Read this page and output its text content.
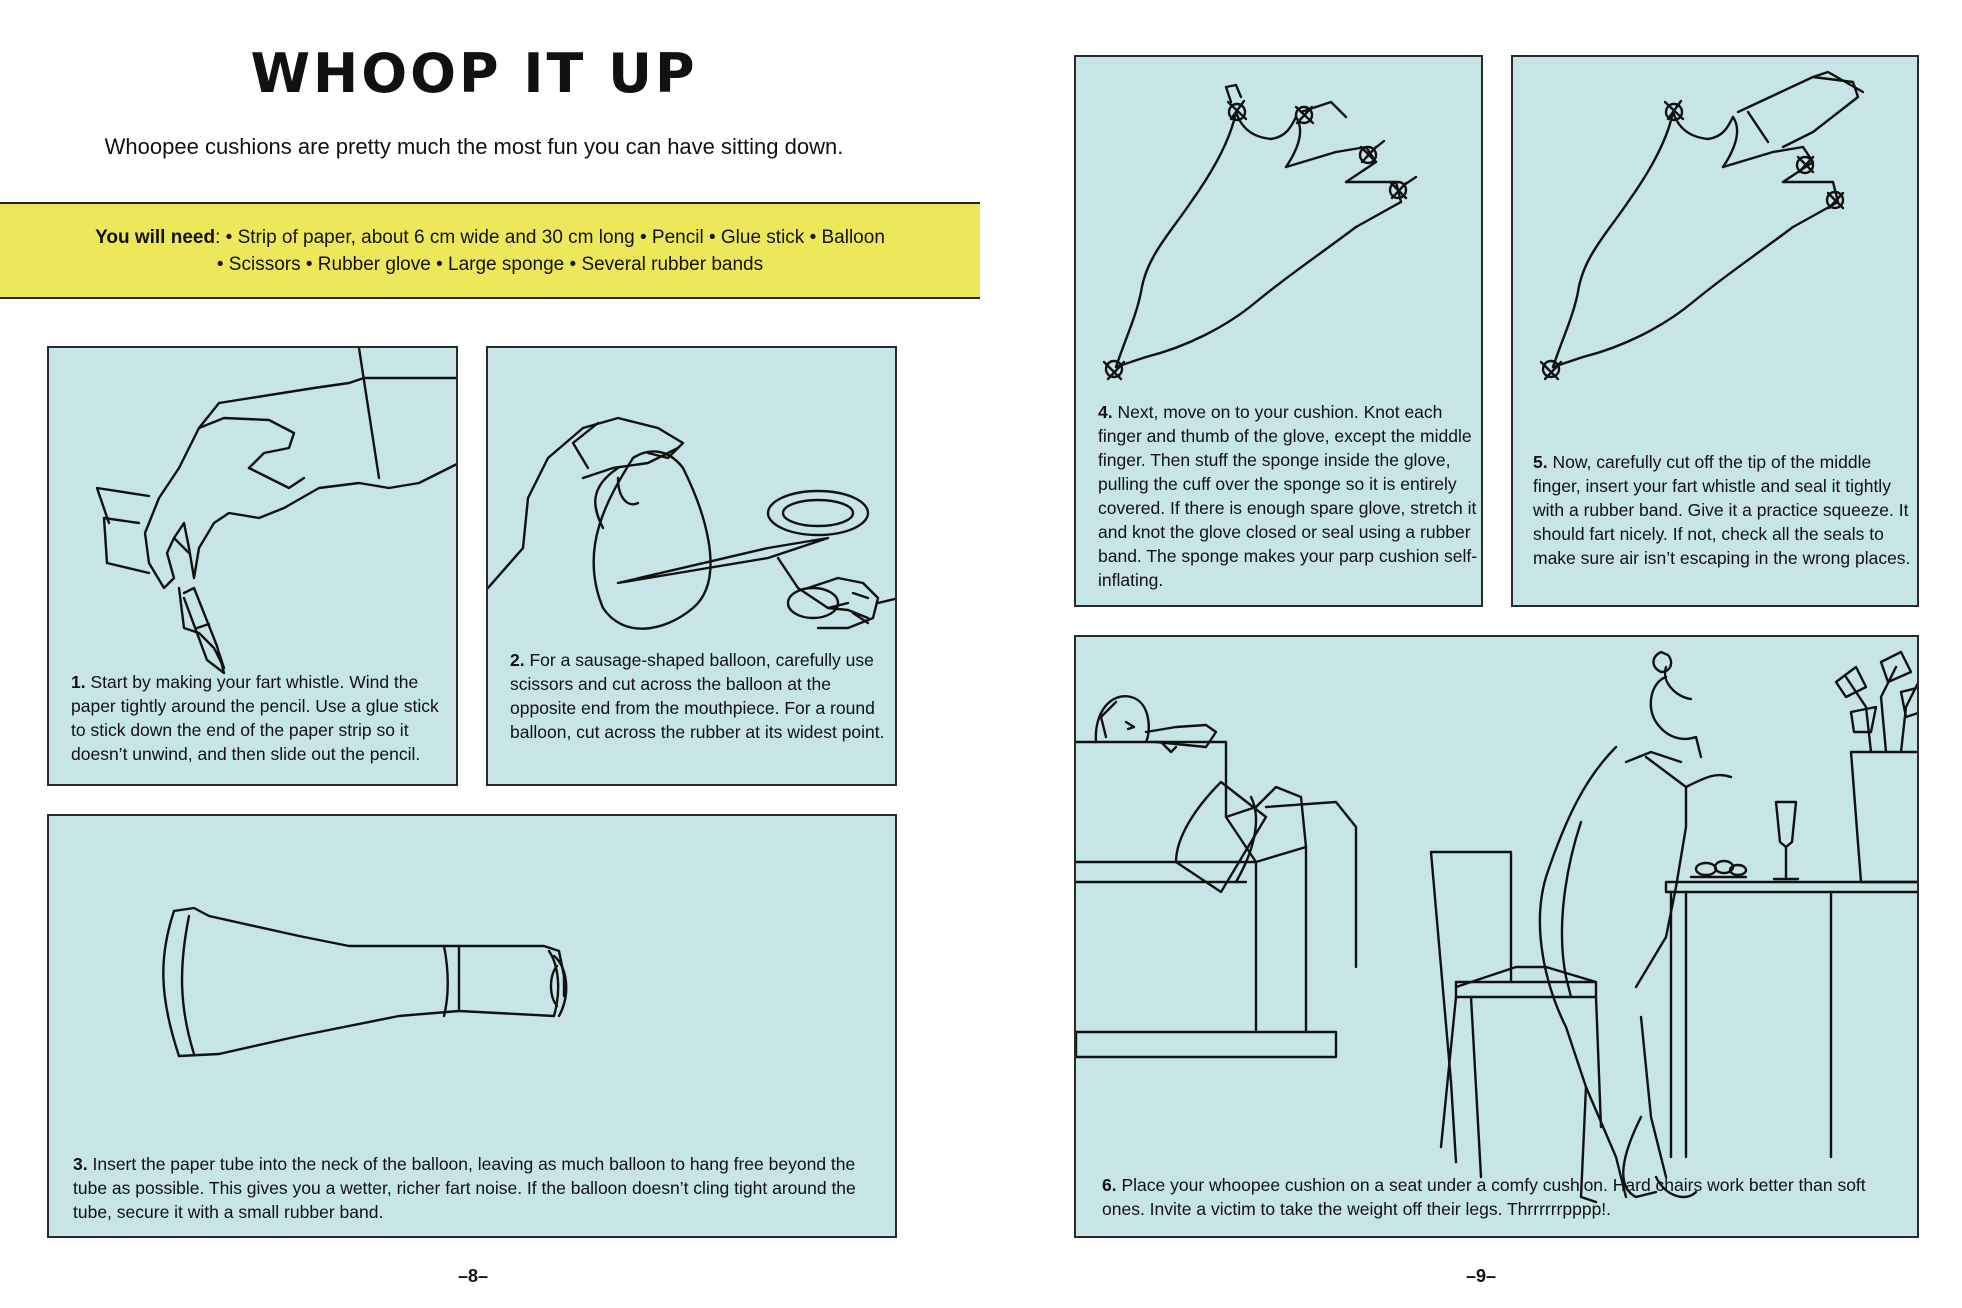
WHOOP IT UP
Whoopee cushions are pretty much the most fun you can have sitting down.
You will need: • Strip of paper, about 6 cm wide and 30 cm long • Pencil • Glue stick • Balloon
• Scissors • Rubber glove • Large sponge • Several rubber bands
1. Start by making your fart whistle. Wind the paper tightly around the pencil. Use a glue stick to stick down the end of the paper strip so it doesn’t unwind, and then slide out the pencil.
2. For a sausage-shaped balloon, carefully use scissors and cut across the balloon at the opposite end from the mouthpiece. For a round balloon, cut across the rubber at its widest point.
3. Insert the paper tube into the neck of the balloon, leaving as much balloon to hang free beyond the tube as possible. This gives you a wetter, richer fart noise. If the balloon doesn’t cling tight around the tube, secure it with a small rubber band.
4. Next, move on to your cushion. Knot each finger and thumb of the glove, except the middle finger. Then stuff the sponge inside the glove, pulling the cuff over the sponge so it is entirely covered. If there is enough spare glove, stretch it and knot the glove closed or seal using a rubber band. The sponge makes your parp cushion self-inflating.
5. Now, carefully cut off the tip of the middle finger, insert your fart whistle and seal it tightly with a rubber band. Give it a practice squeeze. It should fart nicely. If not, check all the seals to make sure air isn’t escaping in the wrong places.
6. Place your whoopee cushion on a seat under a comfy cushion. Hard chairs work better than soft ones. Invite a victim to take the weight off their legs. Thrrrrrrpppp!.
–8–	–9–
